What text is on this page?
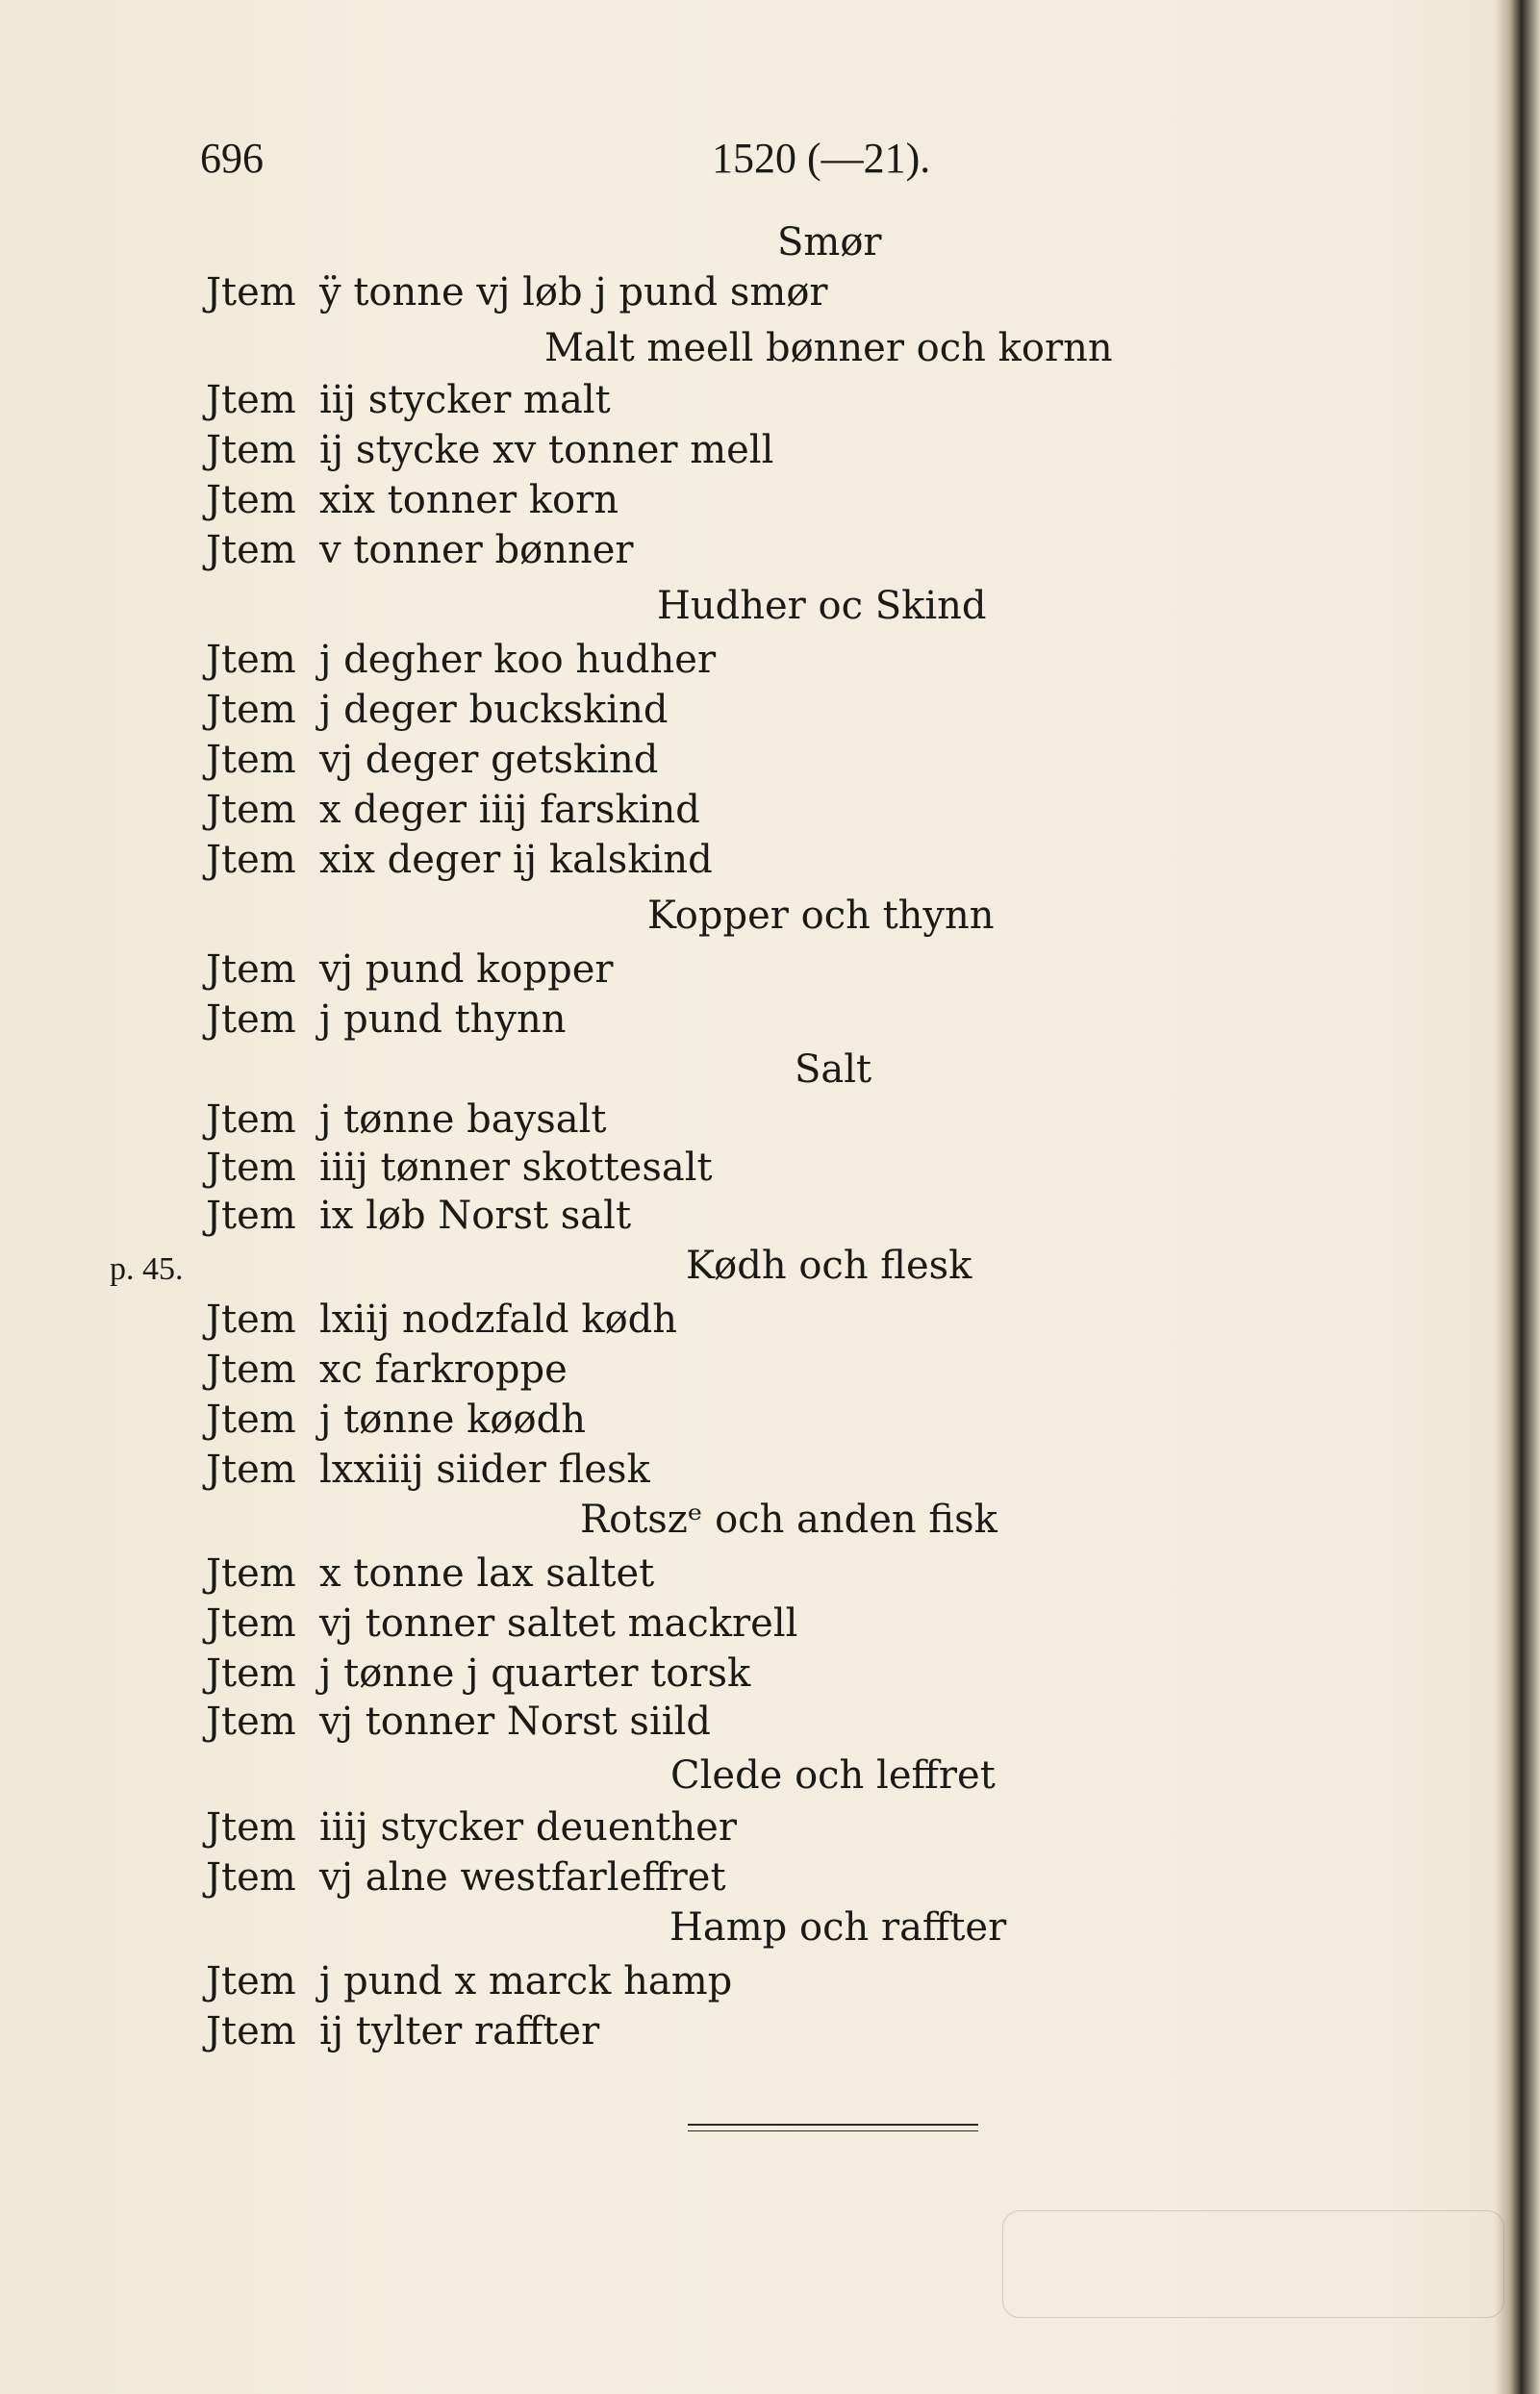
696	1520 (—21).
p. 45.
Smør
Jtem ÿ tonne vj løb j pund smør
Malt meell bønner och kornn
Jtem iij stycker malt
Jtem ij stycke xv tonner mell
Jtem xix tonner korn
Jtem v tonner bønner
Hudher oc Skind
Jtem j degher koo hudher
Jtem j deger buckskind
Jtem vj deger getskind
Jtem x deger iiij farskind
Jtem xix deger ij kalskind
Kopper och thynn
Jtem vj pund kopper
Jtem j pund thynn
Salt
Jtem j tønne baysalt
Jtem iiij tønner skottesalt
Jtem ix løb Norst salt
Kødh och flesk
Jtem lxiij nodzfald kødh
Jtem xc farkroppe
Jtem j tønne køødh
Jtem lxxiiij siider flesk
Rotszᵉ och anden fisk
Jtem x tonne lax saltet
Jtem vj tonner saltet mackrell
Jtem j tønne j quarter torsk
Jtem vj tonner Norst siild
Clede och leffret
Jtem iiij stycker deuenther
Jtem vj alne westfarleffret
Hamp och raffter
Jtem j pund x marck hamp
Jtem ij tylter raffter
